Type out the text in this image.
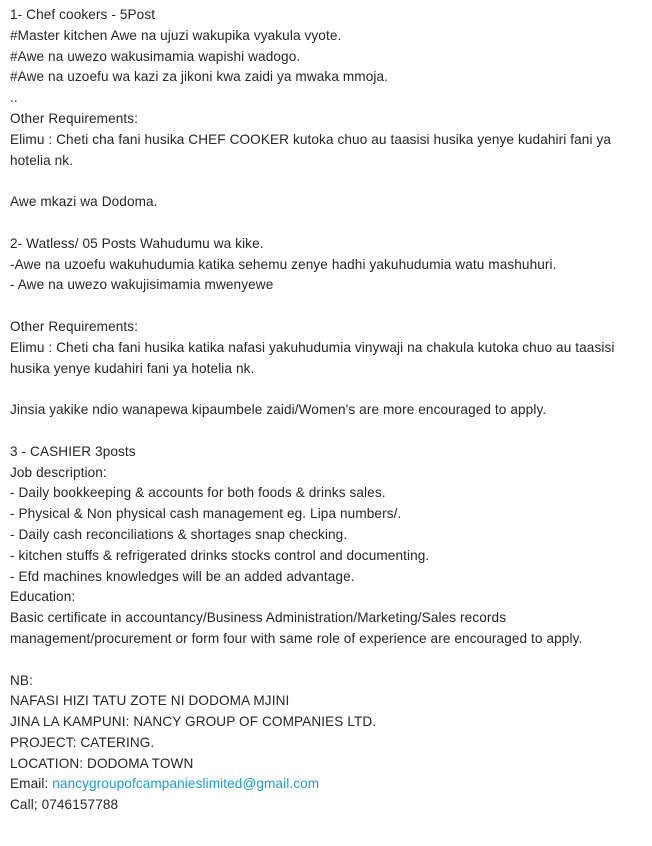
1- Chef cookers - 5Post
#Master kitchen Awe na ujuzi wakupika vyakula vyote.
#Awe na uwezo wakusimamia wapishi wadogo.
#Awe na uzoefu wa kazi za jikoni kwa zaidi ya mwaka mmoja.
..
Other Requirements:
Elimu : Cheti cha fani husika CHEF COOKER kutoka chuo au taasisi husika yenye kudahiri fani ya hotelia nk.
Awe mkazi wa Dodoma.
2- Watless/ 05 Posts Wahudumu wa kike.
-Awe na uzoefu wakuhudumia katika sehemu zenye hadhi yakuhudumia watu mashuhuri.
- Awe na uwezo wakujisimamia mwenyewe
Other Requirements:
Elimu : Cheti cha fani husika katika nafasi yakuhudumia vinywaji na chakula kutoka chuo au taasisi husika yenye kudahiri fani ya hotelia nk.
Jinsia yakike ndio wanapewa kipaumbele zaidi/Women's are more encouraged to apply.
3 - CASHIER 3posts
Job description:
- Daily bookkeeping & accounts for both foods & drinks sales.
- Physical & Non physical cash management eg. Lipa numbers/.
- Daily cash reconciliations & shortages snap checking.
- kitchen stuffs & refrigerated drinks stocks control and documenting.
- Efd machines knowledges will be an added advantage.
Education:
Basic certificate in accountancy/Business Administration/Marketing/Sales records management/procurement or form four with same role of experience are encouraged to apply.
NB:
NAFASI HIZI TATU ZOTE NI DODOMA MJINI
JINA LA KAMPUNI: NANCY GROUP OF COMPANIES LTD.
PROJECT: CATERING.
LOCATION: DODOMA TOWN
Email: nancygroupofcampanieslimited@gmail.com
Call; 0746157788
